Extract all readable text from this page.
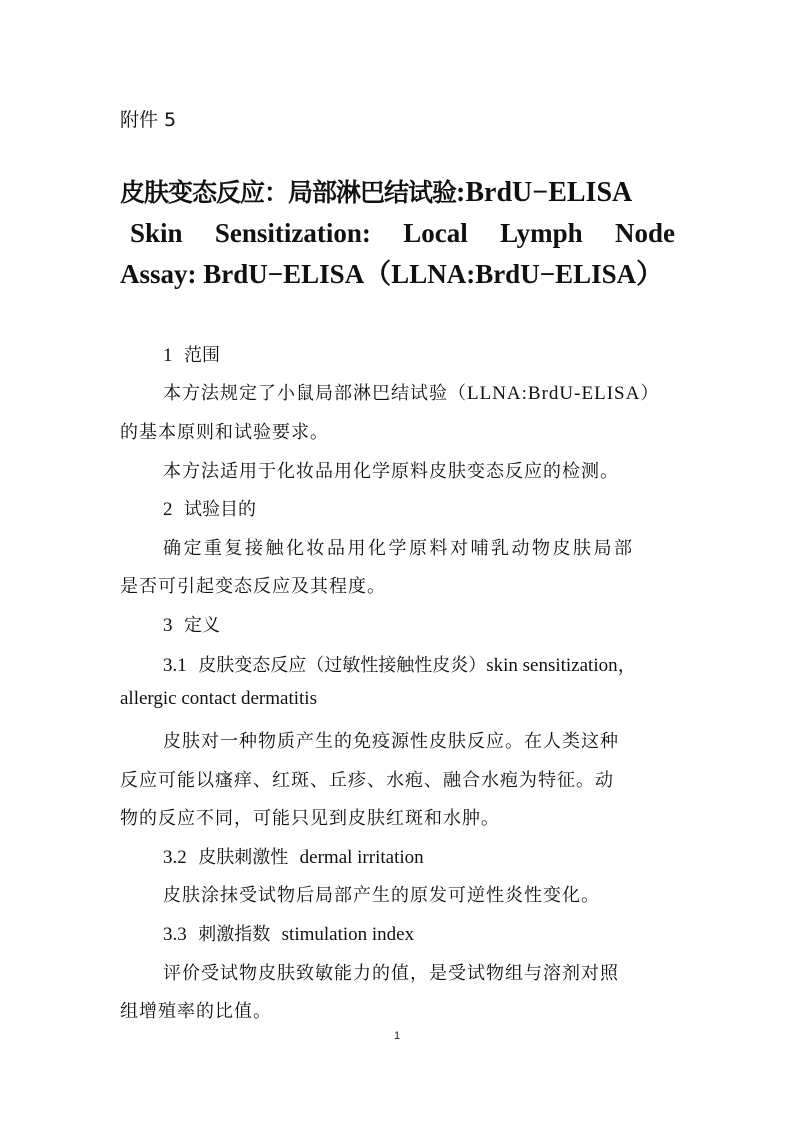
附件 5
皮肤变态反应：局部淋巴结试验:BrdU−ELISA
Skin Sensitization: Local Lymph Node
Assay: BrdU−ELISA（LLNA:BrdU−ELISA）
1 范围
本方法规定了小鼠局部淋巴结试验（LLNA:BrdU-ELISA）
的基本原则和试验要求。
本方法适用于化妆品用化学原料皮肤变态反应的检测。
2 试验目的
确定重复接触化妆品用化学原料对哺乳动物皮肤局部
是否可引起变态反应及其程度。
3 定义
3.1 皮肤变态反应（过敏性接触性皮炎）skin sensitization，
allergic contact dermatitis
皮肤对一种物质产生的免疫源性皮肤反应。在人类这种
反应可能以瘙痒、红斑、丘疹、水疱、融合水疱为特征。动
物的反应不同，可能只见到皮肤红斑和水肿。
3.2 皮肤刺激性 dermal irritation
皮肤涂抹受试物后局部产生的原发可逆性炎性变化。
3.3 刺激指数 stimulation index
评价受试物皮肤致敏能力的值，是受试物组与溶剂对照
组增殖率的比值。
1
